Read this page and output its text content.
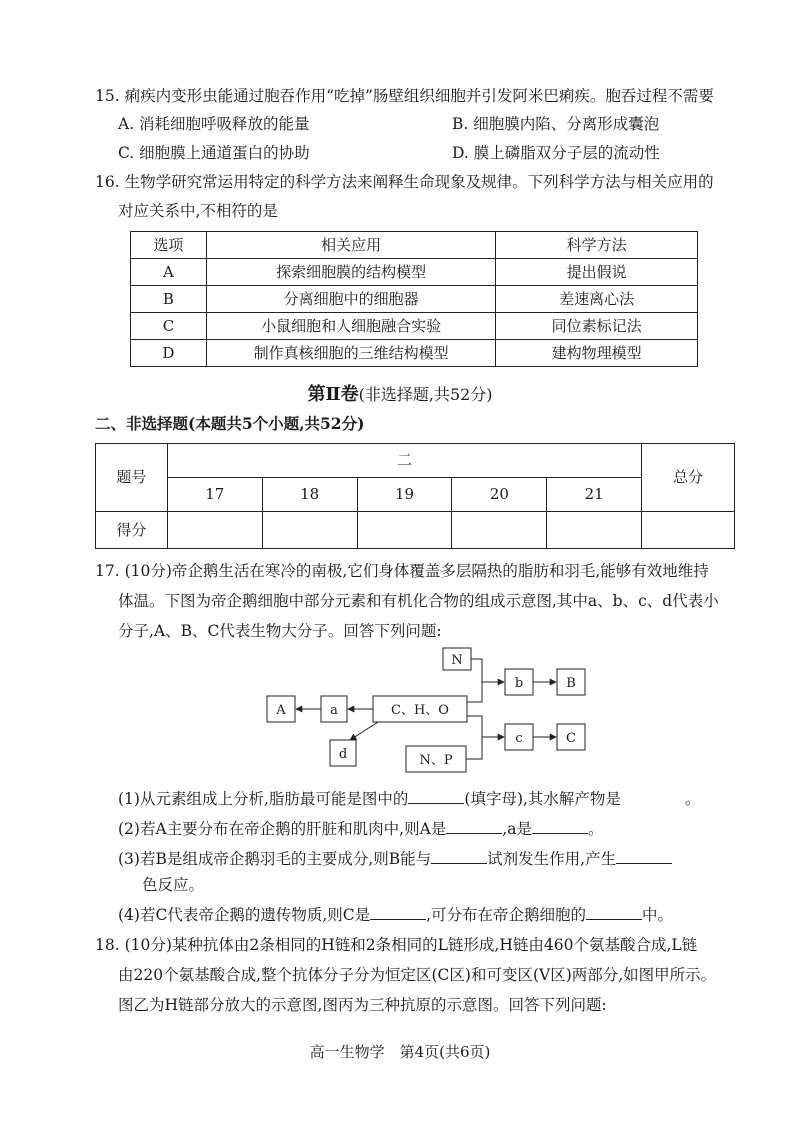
15. 痢疾内变形虫能通过胞吞作用“吃掉”肠壁组织细胞并引发阿米巴痢疾。胞吞过程不需要
A. 消耗细胞呼吸释放的能量	B. 细胞膜内陷、分离形成囊泡
C. 细胞膜上通道蛋白的协助	D. 膜上磷脂双分子层的流动性
16. 生物学研究常运用特定的科学方法来阐释生命现象及规律。下列科学方法与相关应用的
对应关系中,不相符的是
选项	相关应用	科学方法
A	探索细胞膜的结构模型	提出假说
B	分离细胞中的细胞器	差速离心法
C	小鼠细胞和人细胞融合实验	同位素标记法
D	制作真核细胞的三维结构模型	建构物理模型
第Ⅱ卷(非选择题,共52分)
二、非选择题(本题共5个小题,共52分)
题号	二					总分
	17	18	19	20	21	
得分						
17. (10分)帝企鹅生活在寒冷的南极,它们身体覆盖多层隔热的脂肪和羽毛,能够有效地维持
体温。下图为帝企鹅细胞中部分元素和有机化合物的组成示意图,其中a、b、c、d代表小
分子,A、B、C代表生物大分子。回答下列问题:
N
C、H、O
a
A
b	B
c	C
d	N、P
(1)从元素组成上分析,脂肪最可能是图中的	(填字母),其水解产物是	。
(2)若A主要分布在帝企鹅的肝脏和肌肉中,则A是	,a是	。
(3)若B是组成帝企鹅羽毛的主要成分,则B能与	试剂发生作用,产生
色反应。
(4)若C代表帝企鹅的遗传物质,则C是	,可分布在帝企鹅细胞的	中。
18. (10分)某种抗体由2条相同的H链和2条相同的L链形成,H链由460个氨基酸合成,L链
由220个氨基酸合成,整个抗体分子分为恒定区(C区)和可变区(V区)两部分,如图甲所示。
图乙为H链部分放大的示意图,图丙为三种抗原的示意图。回答下列问题:
高一生物学　第4页(共6页)
